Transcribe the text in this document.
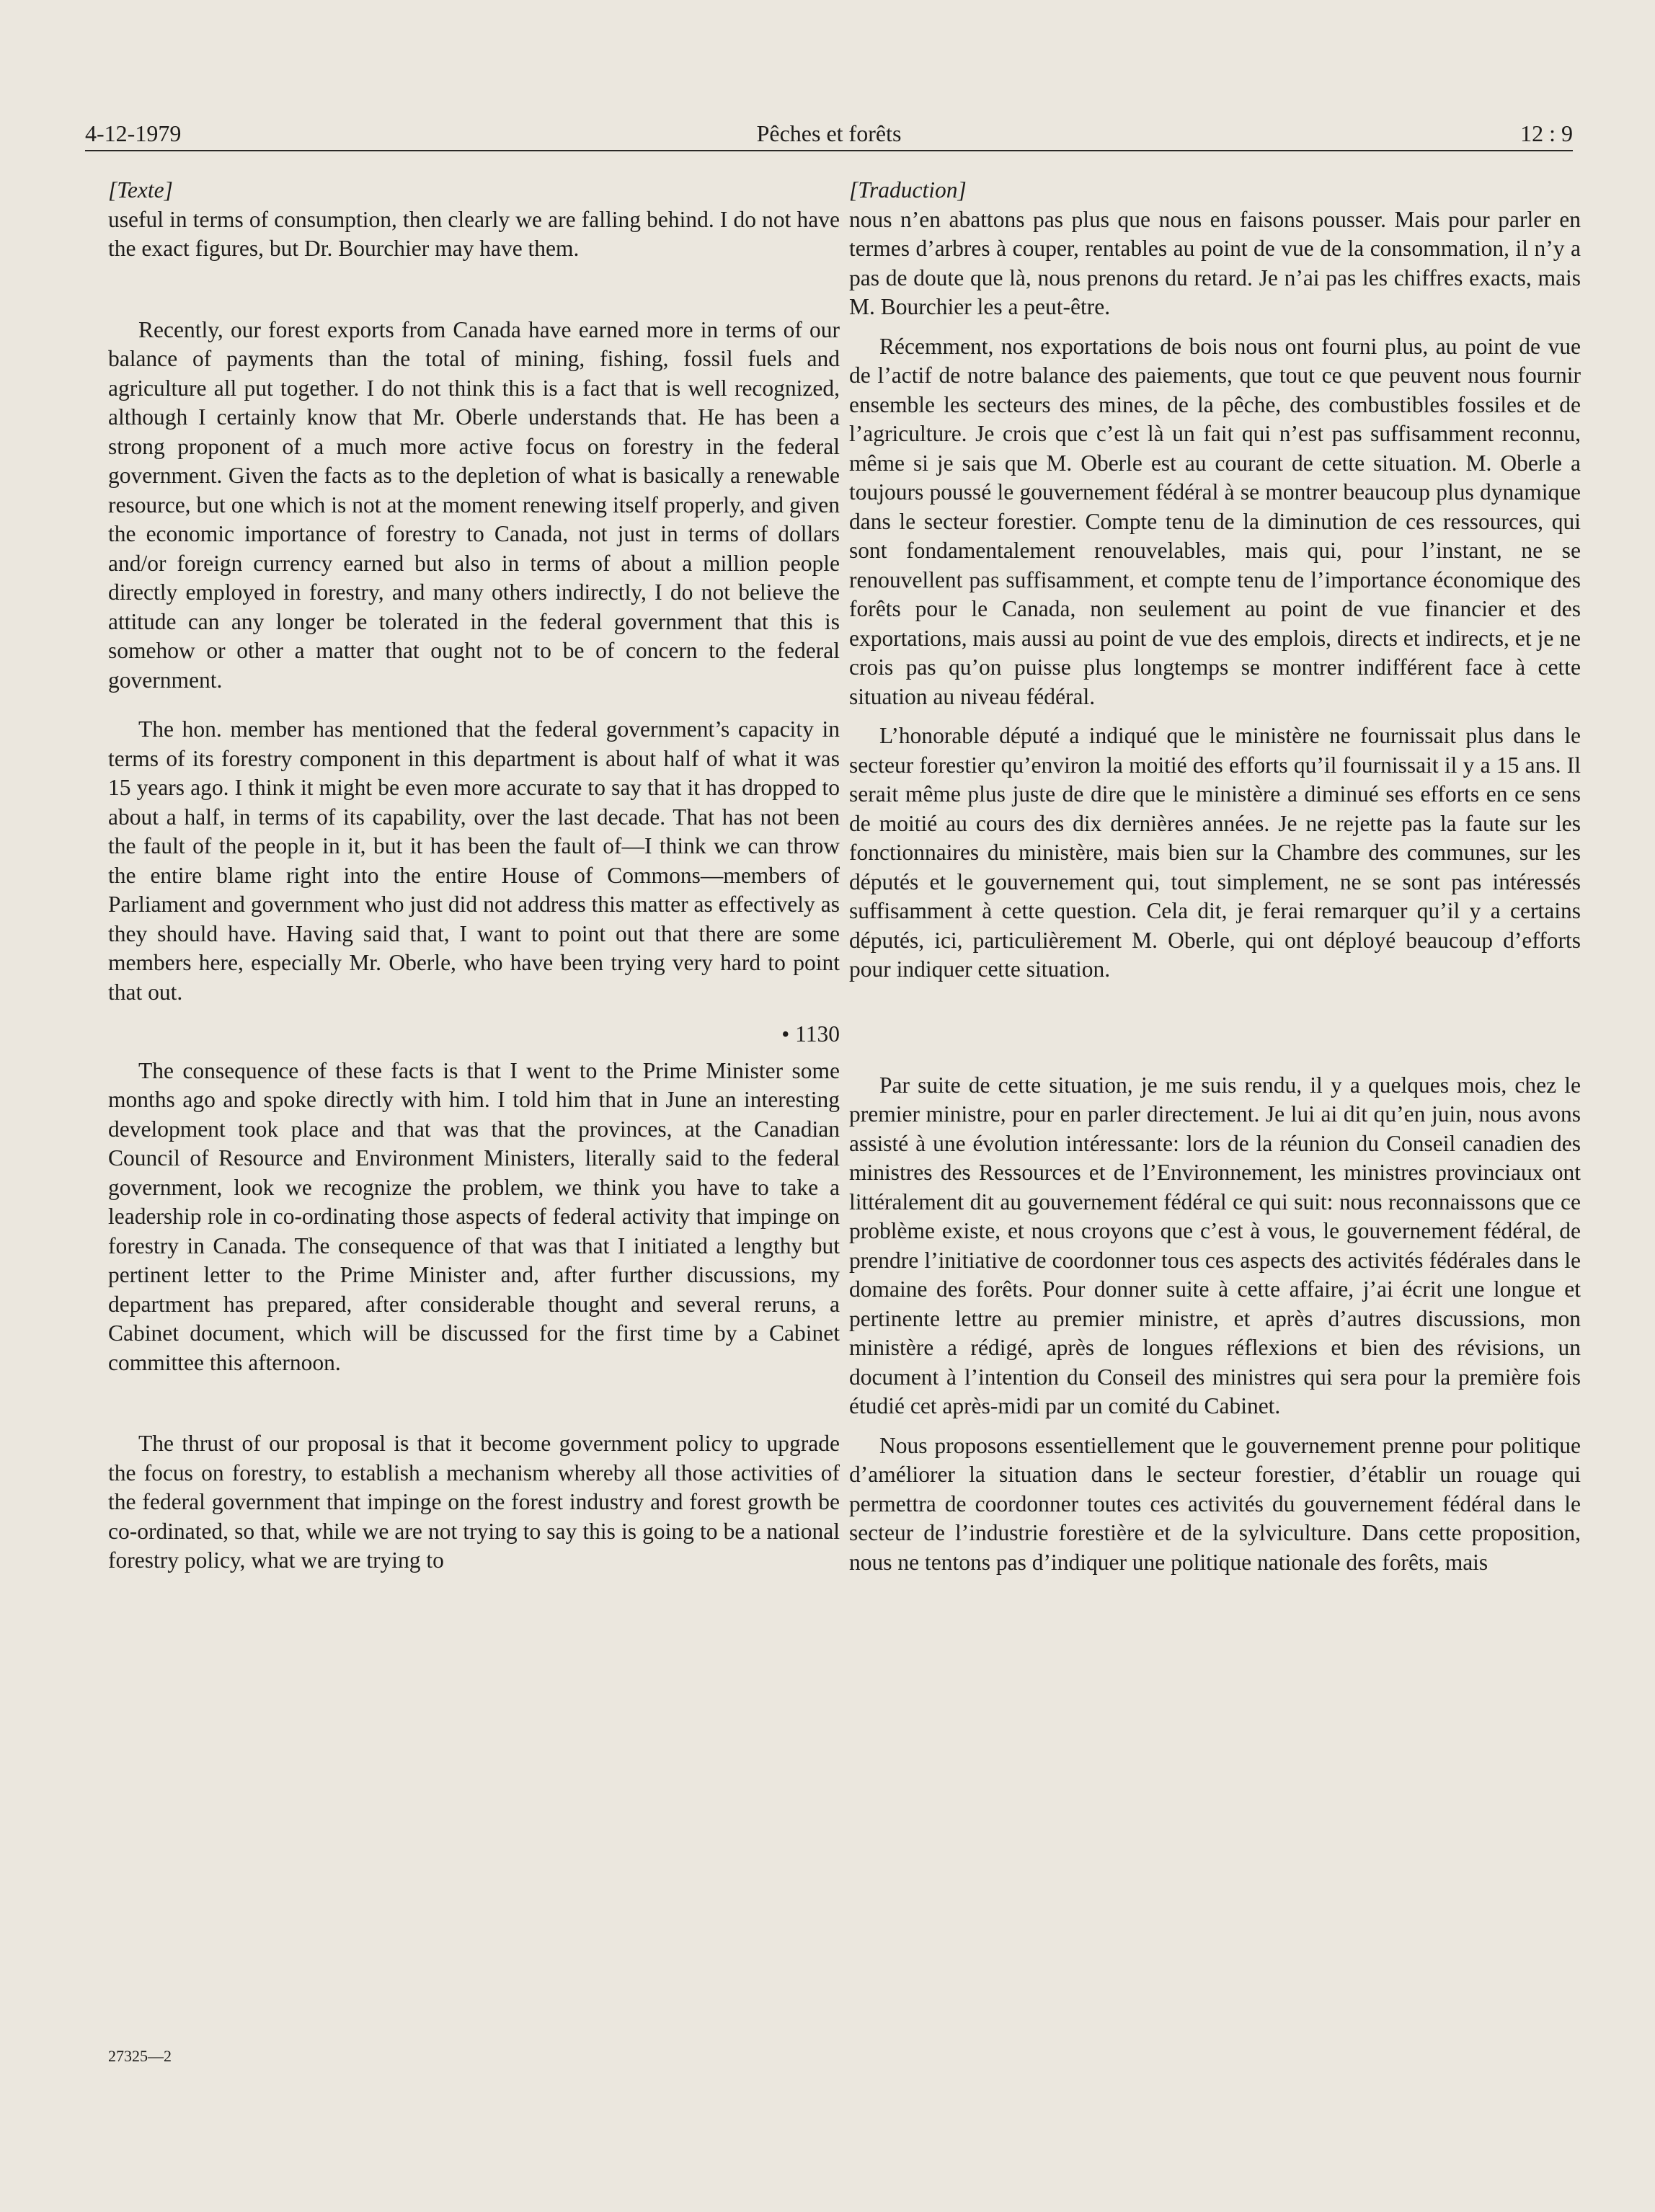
4-12-1979	Pêches et forêts	12 : 9
[Texte]

useful in terms of consumption, then clearly we are falling behind. I do not have the exact figures, but Dr. Bourchier may have them.

Recently, our forest exports from Canada have earned more in terms of our balance of payments than the total of mining, fishing, fossil fuels and agriculture all put together. I do not think this is a fact that is well recognized, although I certainly know that Mr. Oberle understands that. He has been a strong proponent of a much more active focus on forestry in the federal government. Given the facts as to the depletion of what is basically a renewable resource, but one which is not at the moment renewing itself properly, and given the economic importance of forestry to Canada, not just in terms of dollars and/or foreign currency earned but also in terms of about a million people directly employed in forestry, and many others indirectly, I do not believe the attitude can any longer be tolerated in the federal government that this is somehow or other a matter that ought not to be of concern to the federal government.

The hon. member has mentioned that the federal government’s capacity in terms of its forestry component in this department is about half of what it was 15 years ago. I think it might be even more accurate to say that it has dropped to about a half, in terms of its capability, over the last decade. That has not been the fault of the people in it, but it has been the fault of—I think we can throw the entire blame right into the entire House of Commons—members of Parliament and government who just did not address this matter as effectively as they should have. Having said that, I want to point out that there are some members here, especially Mr. Oberle, who have been trying very hard to point that out.

• 1130

The consequence of these facts is that I went to the Prime Minister some months ago and spoke directly with him. I told him that in June an interesting development took place and that was that the provinces, at the Canadian Council of Resource and Environment Ministers, literally said to the federal government, look we recognize the problem, we think you have to take a leadership role in co-ordinating those aspects of federal activity that impinge on forestry in Canada. The consequence of that was that I initiated a lengthy but pertinent letter to the Prime Minister and, after further discussions, my department has prepared, after considerable thought and several reruns, a Cabinet document, which will be discussed for the first time by a Cabinet committee this afternoon.

The thrust of our proposal is that it become government policy to upgrade the focus on forestry, to establish a mechanism whereby all those activities of the federal government that impinge on the forest industry and forest growth be co-ordinated, so that, while we are not trying to say this is going to be a national forestry policy, what we are trying to

[Traduction]

nous n’en abattons pas plus que nous en faisons pousser. Mais pour parler en termes d’arbres à couper, rentables au point de vue de la consommation, il n’y a pas de doute que là, nous prenons du retard. Je n’ai pas les chiffres exacts, mais M. Bourchier les a peut-être.

Récemment, nos exportations de bois nous ont fourni plus, au point de vue de l’actif de notre balance des paiements, que tout ce que peuvent nous fournir ensemble les secteurs des mines, de la pêche, des combustibles fossiles et de l’agriculture. Je crois que c’est là un fait qui n’est pas suffisamment reconnu, même si je sais que M. Oberle est au courant de cette situation. M. Oberle a toujours poussé le gouvernement fédéral à se montrer beaucoup plus dynamique dans le secteur forestier. Compte tenu de la diminution de ces ressources, qui sont fondamentalement renouvelables, mais qui, pour l’instant, ne se renouvellent pas suffisamment, et compte tenu de l’importance économique des forêts pour le Canada, non seulement au point de vue financier et des exportations, mais aussi au point de vue des emplois, directs et indirects, et je ne crois pas qu’on puisse plus longtemps se montrer indifférent face à cette situation au niveau fédéral.

L’honorable député a indiqué que le ministère ne fournissait plus dans le secteur forestier qu’environ la moitié des efforts qu’il fournissait il y a 15 ans. Il serait même plus juste de dire que le ministère a diminué ses efforts en ce sens de moitié au cours des dix dernières années. Je ne rejette pas la faute sur les fonctionnaires du ministère, mais bien sur la Chambre des communes, sur les députés et le gouvernement qui, tout simplement, ne se sont pas intéressés suffisamment à cette question. Cela dit, je ferai remarquer qu’il y a certains députés, ici, particulièrement M. Oberle, qui ont déployé beaucoup d’efforts pour indiquer cette situation.

Par suite de cette situation, je me suis rendu, il y a quelques mois, chez le premier ministre, pour en parler directement. Je lui ai dit qu’en juin, nous avons assisté à une évolution intéressante: lors de la réunion du Conseil canadien des ministres des Ressources et de l’Environnement, les ministres provinciaux ont littéralement dit au gouvernement fédéral ce qui suit: nous reconnaissons que ce problème existe, et nous croyons que c’est à vous, le gouvernement fédéral, de prendre l’initiative de coordonner tous ces aspects des activités fédérales dans le domaine des forêts. Pour donner suite à cette affaire, j’ai écrit une longue et pertinente lettre au premier ministre, et après d’autres discussions, mon ministère a rédigé, après de longues réflexions et bien des révisions, un document à l’intention du Conseil des ministres qui sera pour la première fois étudié cet après-midi par un comité du Cabinet.

Nous proposons essentiellement que le gouvernement prenne pour politique d’améliorer la situation dans le secteur forestier, d’établir un rouage qui permettra de coordonner toutes ces activités du gouvernement fédéral dans le secteur de l’industrie forestière et de la sylviculture. Dans cette proposition, nous ne tentons pas d’indiquer une politique nationale des forêts, mais

27325—2
